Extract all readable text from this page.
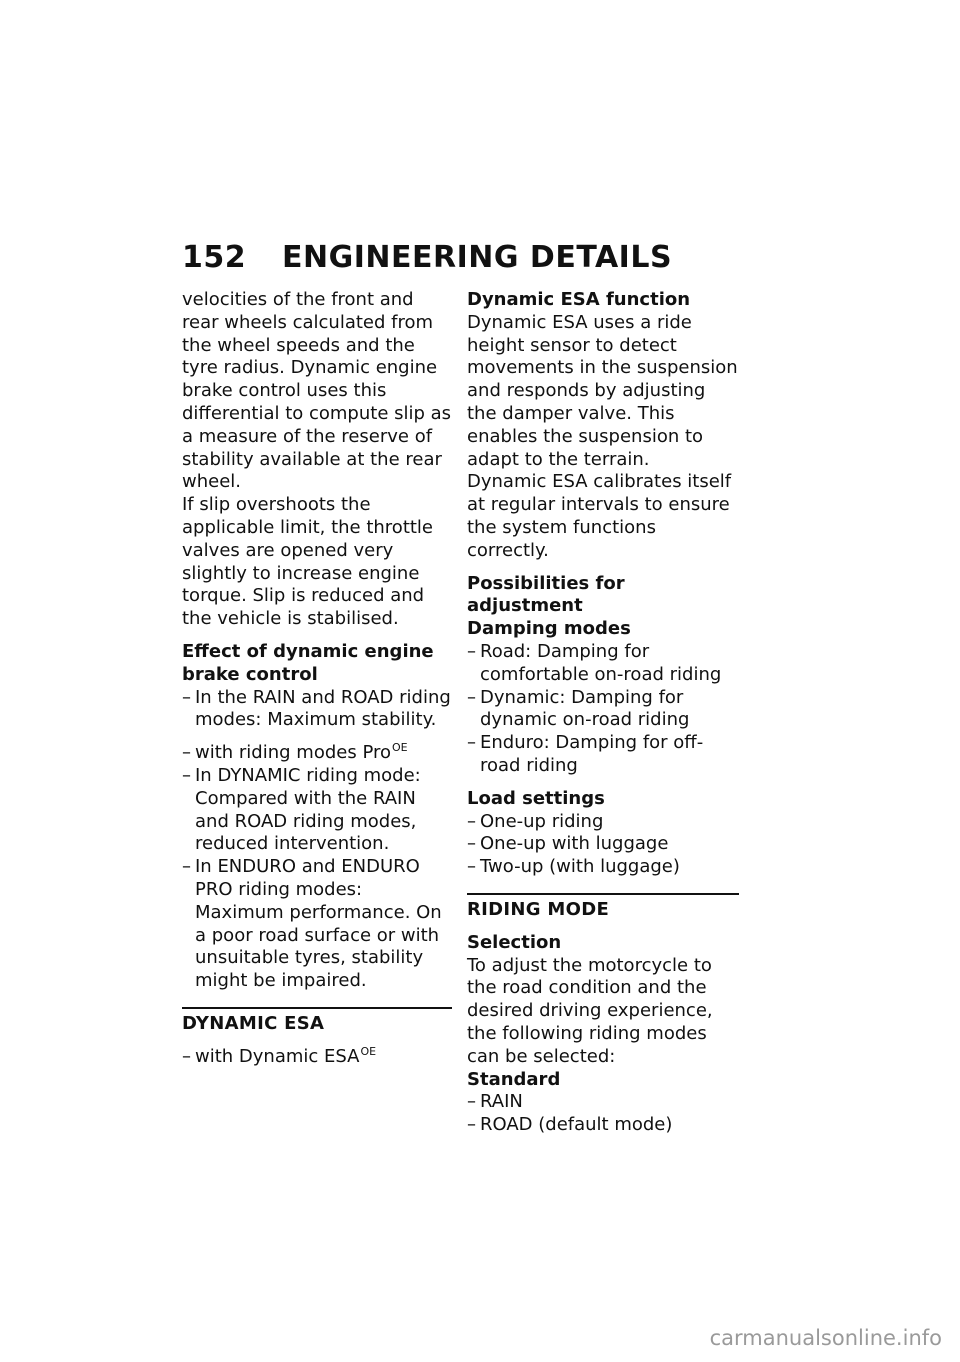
152 ENGINEERING DETAILS

velocities of the front and rear wheels calculated from the wheel speeds and the tyre radius. Dynamic engine brake control uses this differential to compute slip as a measure of the reserve of stability available at the rear wheel.

If slip overshoots the applicable limit, the throttle valves are opened very slightly to increase engine torque. Slip is reduced and the vehicle is stabilised.

Effect of dynamic engine brake control

– In the RAIN and ROAD riding modes: Maximum stability.
– with riding modes Pro$^{OE}$
– In DYNAMIC riding mode: Compared with the RAIN and ROAD riding modes, reduced intervention.
– In ENDURO and ENDURO PRO riding modes: Maximum performance. On a poor road surface or with unsuitable tyres, stability might be impaired.

DYNAMIC ESA

– with Dynamic $ESA^{OE}$

Dynamic ESA function

Dynamic ESA uses a ride height sensor to detect movements in the suspension and responds by adjusting the damper valve. This enables the suspension to adapt to the terrain.

Dynamic ESA calibrates itself at regular intervals to ensure the system functions correctly.

Possibilities for adjustment

Damping modes

– Road: Damping for comfortable on-road riding
– Dynamic: Damping for dynamic on-road riding
– Enduro: Damping for off-road riding

Load settings

– One-up riding
– One-up with luggage
– Two-up (with luggage)

RIDING MODE

Selection

To adjust the motorcycle to the road condition and the desired driving experience, the following riding modes can be selected:

Standard

– RAIN
– ROAD (default mode)
carmanualsonline.info
